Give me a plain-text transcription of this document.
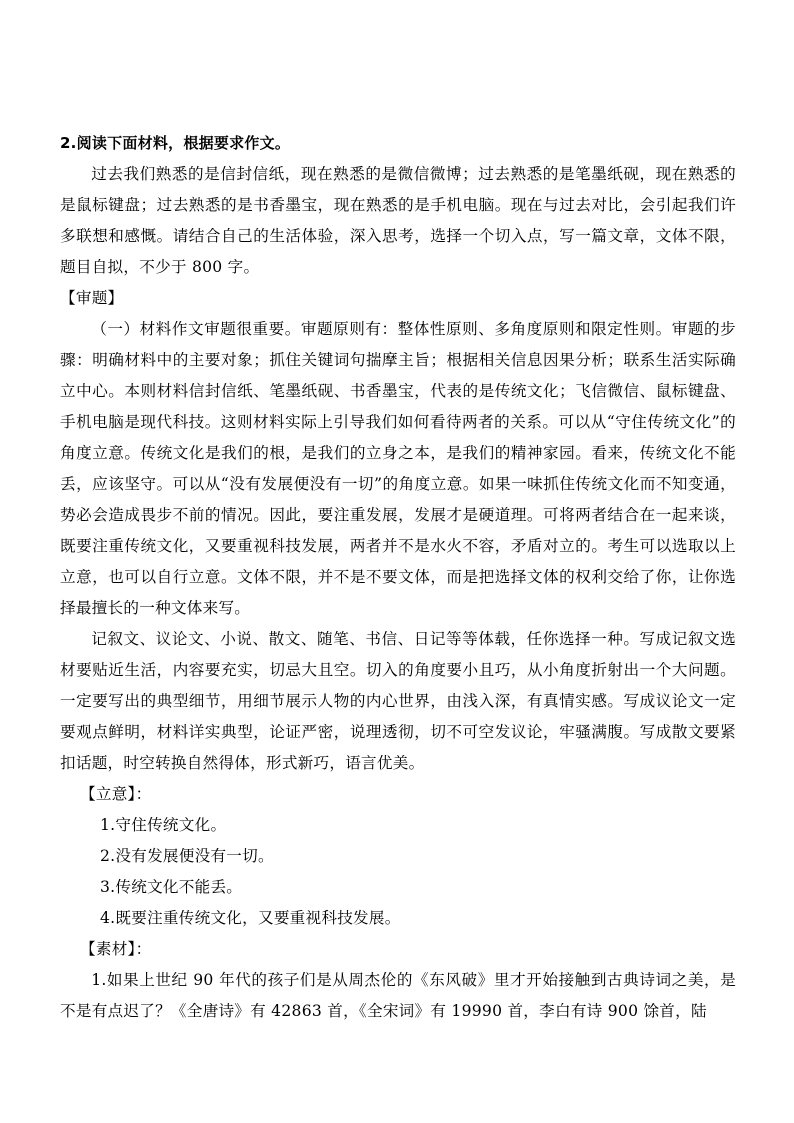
2.阅读下面材料，根据要求作文。

过去我们熟悉的是信封信纸，现在熟悉的是微信微博；过去熟悉的是笔墨纸砚，现在熟悉的是鼠标键盘；过去熟悉的是书香墨宝，现在熟悉的是手机电脑。现在与过去对比，会引起我们许多联想和感慨。请结合自己的生活体验，深入思考，选择一个切入点，写一篇文章，文体不限，题目自拟，不少于 800 字。

【审题】

（一）材料作文审题很重要。审题原则有：整体性原则、多角度原则和限定性则。审题的步骤：明确材料中的主要对象；抓住关键词句揣摩主旨；根据相关信息因果分析；联系生活实际确立中心。本则材料信封信纸、笔墨纸砚、书香墨宝，代表的是传统文化；飞信微信、鼠标键盘、手机电脑是现代科技。这则材料实际上引导我们如何看待两者的关系。可以从“守住传统文化”的角度立意。传统文化是我们的根，是我们的立身之本，是我们的精神家园。看来，传统文化不能丢，应该坚守。可以从“没有发展便没有一切”的角度立意。如果一味抓住传统文化而不知变通，势必会造成畏步不前的情况。因此，要注重发展，发展才是硬道理。可将两者结合在一起来谈，既要注重传统文化，又要重视科技发展，两者并不是水火不容，矛盾对立的。考生可以选取以上立意，也可以自行立意。文体不限，并不是不要文体，而是把选择文体的权利交给了你，让你选择最擅长的一种文体来写。

记叙文、议论文、小说、散文、随笔、书信、日记等等体载，任你选择一种。写成记叙文选材要贴近生活，内容要充实，切忌大且空。切入的角度要小且巧，从小角度折射出一个大问题。一定要写出的典型细节，用细节展示人物的内心世界，由浅入深，有真情实感。写成议论文一定要观点鲜明，材料详实典型，论证严密，说理透彻，切不可空发议论，牢骚满腹。写成散文要紧扣话题，时空转换自然得体，形式新巧，语言优美。

【立意】：

1.守住传统文化。

2.没有发展便没有一切。

3.传统文化不能丢。

4.既要注重传统文化，又要重视科技发展。

【素材】：

1.如果上世纪 90 年代的孩子们是从周杰伦的《东风破》里才开始接触到古典诗词之美，是不是有点迟了？《全唐诗》有 42863 首，《全宋词》有 19990 首，李白有诗 900 馀首，陆
